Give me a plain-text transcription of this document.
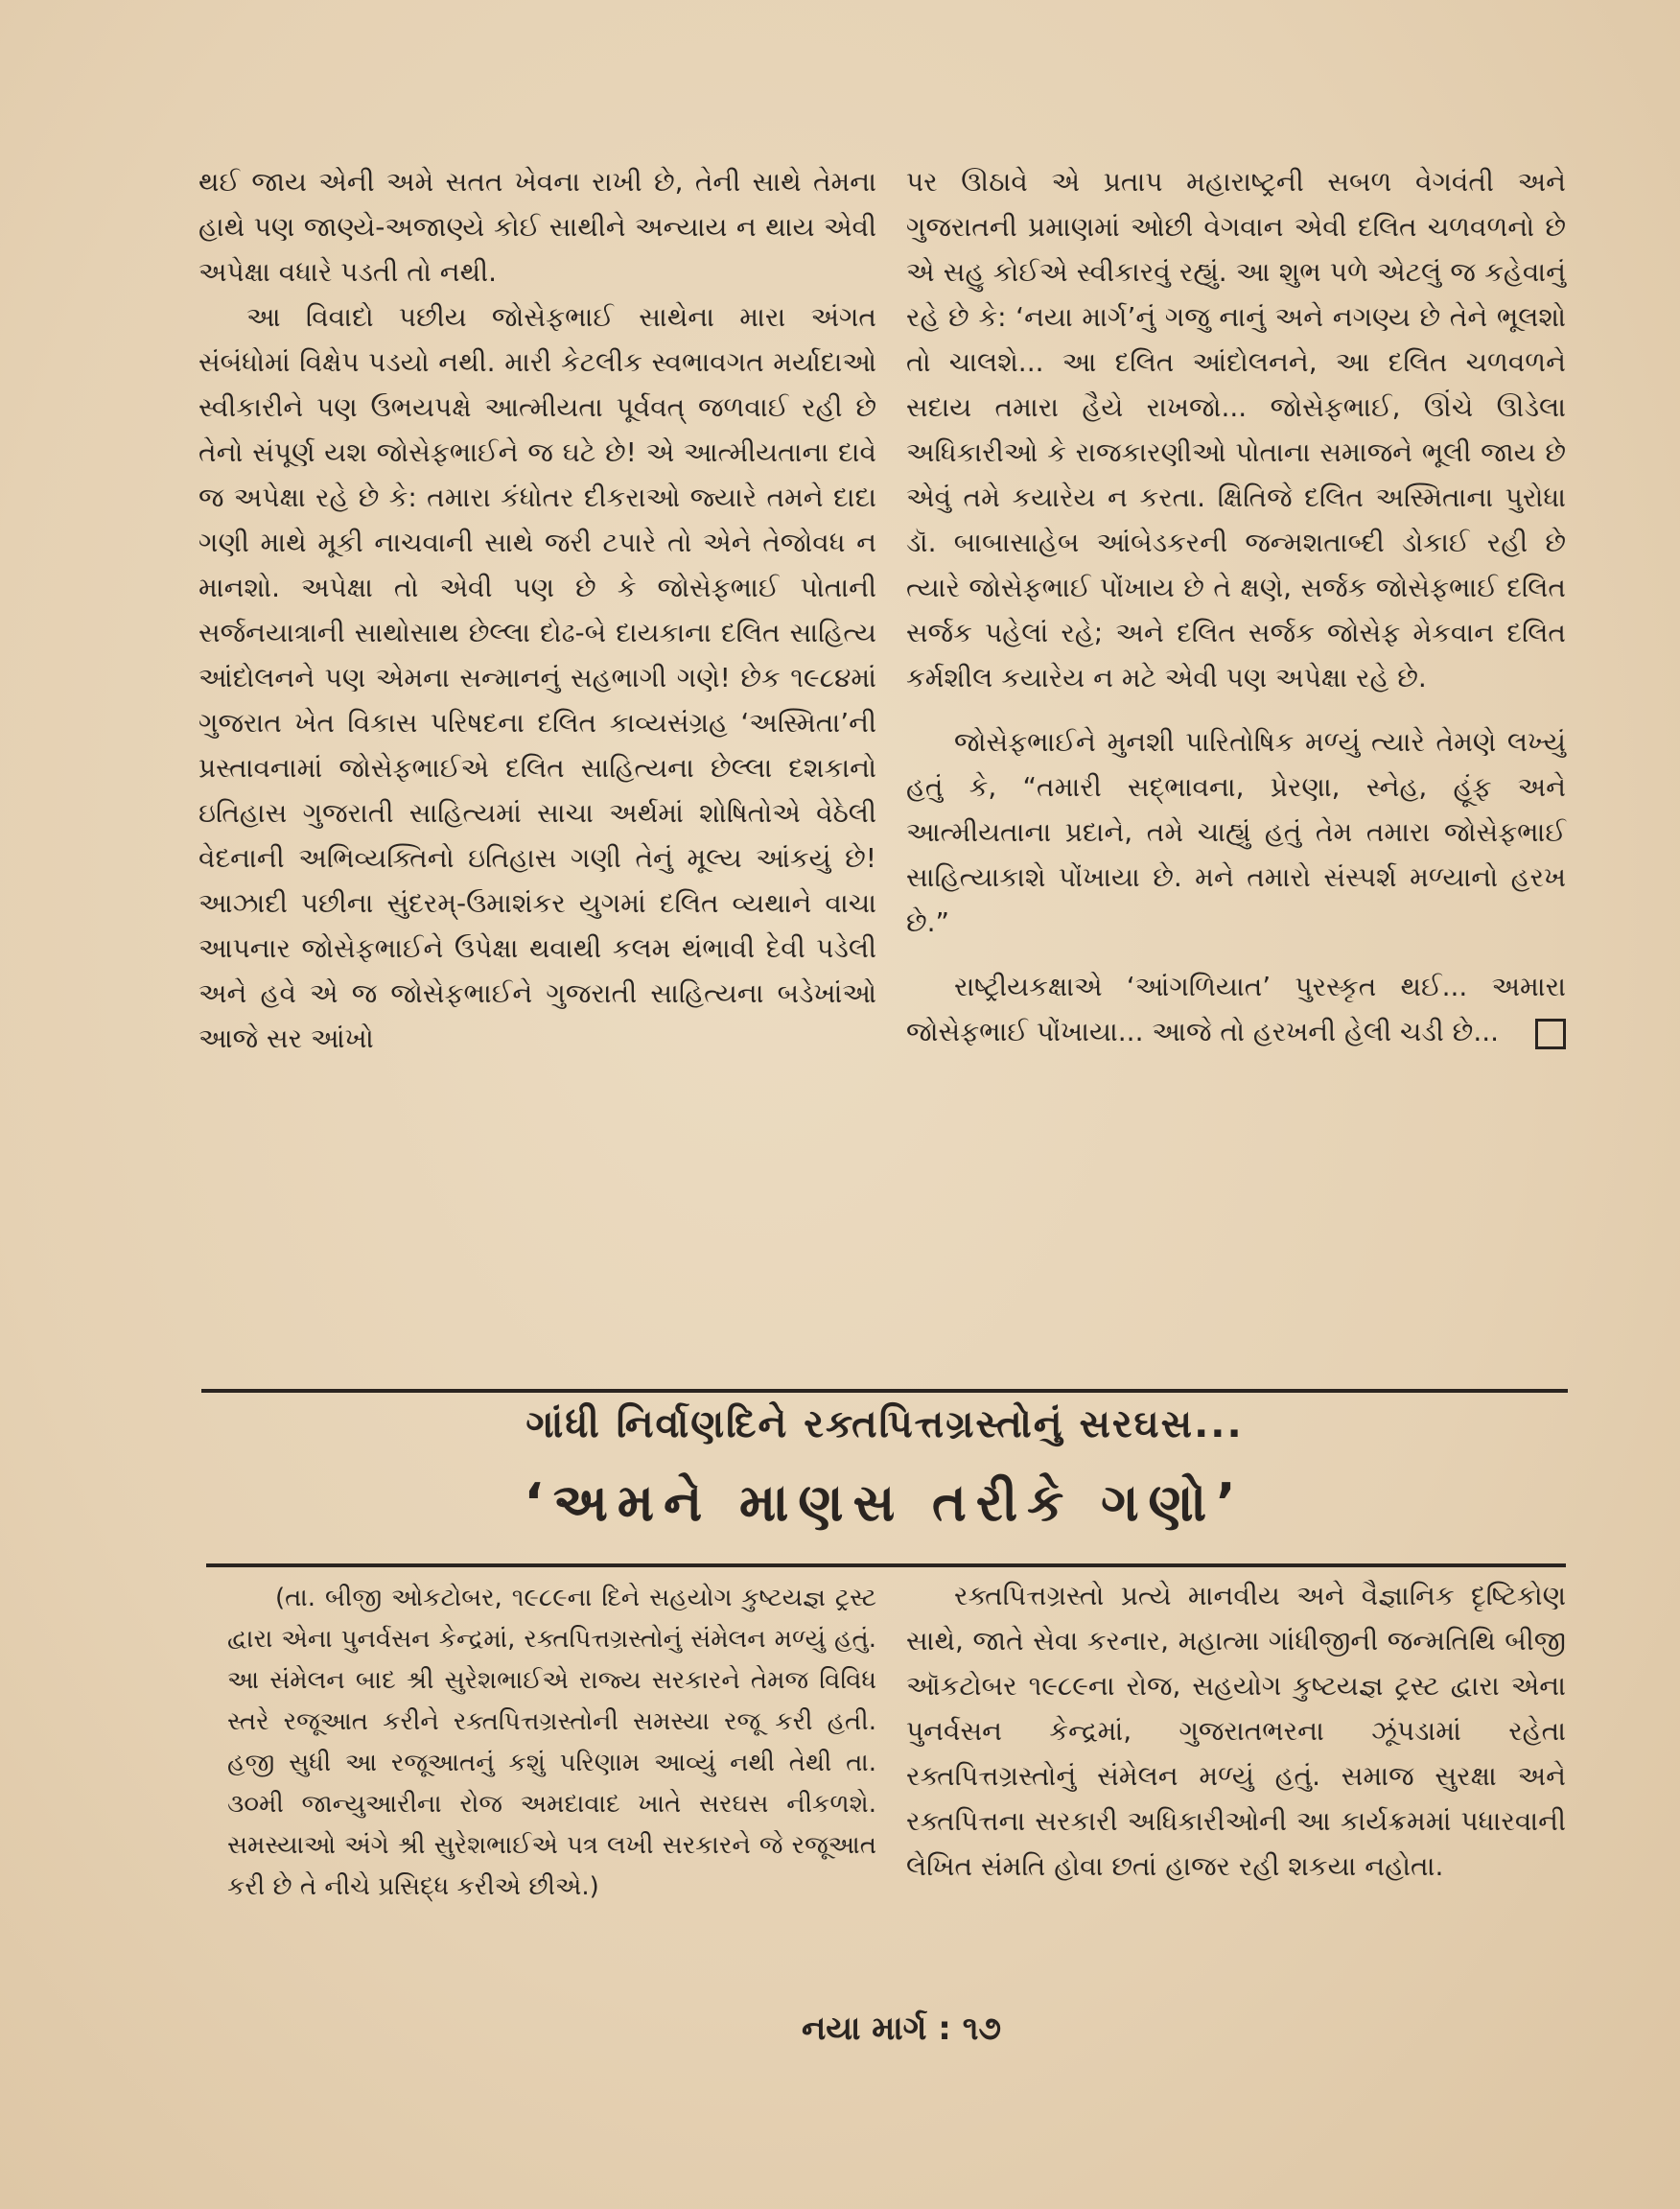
થઈ જાય એની અમે સતત ખેવના રાખી છે, તેની સાથે તેમના હાથે પણ જાણ્યે-અજાણ્યે કોઈ સાથીને અન્યાય ન થાય એવી અપેક્ષા વધારે પડતી તો નથી.

આ વિવાદો પછીય જોસેફભાઈ સાથેના મારા અંગત સંબંધોમાં વિક્ષેપ પડયો નથી. મારી કેટલીક સ્વભાવગત મર્યાદાઓ સ્વીકારીને પણ ઉભયપક્ષે આત્મીયતા પૂર્વવત્ જળવાઈ રહી છે તેનો સંપૂર્ણ યશ જોસેફભાઈને જ ઘટે છે! એ આત્મીયતાના દાવે જ અપેક્ષા રહે છે કે: તમારા કંધોતર દીકરાઓ જ્યારે તમને દાદા ગણી માથે મૂકી નાચવાની સાથે જરી ટપારે તો એને તેજોવધ ન માનશો. અપેક્ષા તો એવી પણ છે કે જોસેફભાઈ પોતાની સર્જનયાત્રાની સાથોસાથ છેલ્લા દોઢ-બે દાયકાના દલિત સાહિત્ય આંદોલનને પણ એમના સન્માનનું સહભાગી ગણે! છેક ૧૯૮૪માં ગુજરાત ખેત વિકાસ પરિષદના દલિત કાવ્યસંગ્રહ ‘અસ્મિતા’ની પ્રસ્તાવનામાં જોસેફભાઈએ દલિત સાહિત્યના છેલ્લા દશકાનો ઇતિહાસ ગુજરાતી સાહિત્યમાં સાચા અર્થમાં શોષિતોએ વેઠેલી વેદનાની અભિવ્યક્તિનો ઇતિહાસ ગણી તેનું મૂલ્ય આંકયું છે! આઝાદી પછીના સુંદરમ્-ઉમાશંકર યુગમાં દલિત વ્યથાને વાચા આપનાર જોસેફભાઈને ઉપેક્ષા થવાથી કલમ થંભાવી દેવી પડેલી અને હવે એ જ જોસેફભાઈને ગુજરાતી સાહિત્યના બડેખાંઓ આજે સર આંખો

પર ઊઠાવે એ પ્રતાપ મહારાષ્ટ્રની સબળ વેગવંતી અને ગુજરાતની પ્રમાણમાં ઓછી વેગવાન એવી દલિત ચળવળનો છે એ સહુ કોઈએ સ્વીકારવું રહ્યું. આ શુભ પળે એટલું જ કહેવાનું રહે છે કે: ‘નયા માર્ગ’નું ગજુ નાનું અને નગણ્ય છે તેને ભૂલશો તો ચાલશે... આ દલિત આંદોલનને, આ દલિત ચળવળને સદાય તમારા હૈયે રાખજો... જોસેફભાઈ, ઊંચે ઊડેલા અધિકારીઓ કે રાજકારણીઓ પોતાના સમાજને ભૂલી જાય છે એવું તમે કયારેય ન કરતા. ક્ષિતિજે દલિત અસ્મિતાના પુરોધા ડૉ. બાબાસાહેબ આંબેડકરની જન્મશતાબ્દી ડોકાઈ રહી છે ત્યારે જોસેફભાઈ પોંખાય છે તે ક્ષણે, સર્જક જોસેફભાઈ દલિત સર્જક પહેલાં રહે; અને દલિત સર્જક જોસેફ મેકવાન દલિત કર્મશીલ કયારેય ન મટે એવી પણ અપેક્ષા રહે છે.

જોસેફભાઈને મુનશી પારિતોષિક મળ્યું ત્યારે તેમણે લખ્યું હતું કે, “તમારી સદ્ભાવના, પ્રેરણા, સ્નેહ, હૂંફ અને આત્મીયતાના પ્રદાને, તમે ચાહ્યું હતું તેમ તમારા જોસેફભાઈ સાહિત્યાકાશે પોંખાયા છે. મને તમારો સંસ્પર્શ મળ્યાનો હરખ છે.”

રાષ્ટ્રીયકક્ષાએ ‘આંગળિયાત’ પુરસ્કૃત થઈ... અમારા જોસેફભાઈ પોંખાયા... આજે તો હરખની હેલી ચડી છે...

ગાંધી નિર્વાણદિને રક્તપિત્તગ્રસ્તોનું સરઘસ...
‘અમને માણસ તરીકે ગણો’

(તા. બીજી ઓકટોબર, ૧૯૮૯ના દિને સહયોગ કુષ્ટયજ્ઞ ટ્રસ્ટ દ્વારા એના પુનર્વસન કેન્દ્રમાં, રક્તપિત્તગ્રસ્તોનું સંમેલન મળ્યું હતું. આ સંમેલન બાદ શ્રી સુરેશભાઈએ રાજ્ય સરકારને તેમજ વિવિધ સ્તરે રજૂઆત કરીને રક્તપિત્તગ્રસ્તોની સમસ્યા રજૂ કરી હતી. હજી સુધી આ રજૂઆતનું કશું પરિણામ આવ્યું નથી તેથી તા. ૩૦મી જાન્યુઆરીના રોજ અમદાવાદ ખાતે સરઘસ નીકળશે. સમસ્યાઓ અંગે શ્રી સુરેશભાઈએ પત્ર લખી સરકારને જે રજૂઆત કરી છે તે નીચે પ્રસિદ્ધ કરીએ છીએ.)

રક્તપિત્તગ્રસ્તો પ્રત્યે માનવીય અને વૈજ્ઞાનિક દૃષ્ટિકોણ સાથે, જાતે સેવા કરનાર, મહાત્મા ગાંધીજીની જન્મતિથિ બીજી ઑકટોબર ૧૯૮૯ના રોજ, સહયોગ કુષ્ટયજ્ઞ ટ્રસ્ટ દ્વારા એના પુનર્વસન કેન્દ્રમાં, ગુજરાતભરના ઝૂંપડામાં રહેતા રક્તપિત્તગ્રસ્તોનું સંમેલન મળ્યું હતું. સમાજ સુરક્ષા અને રક્તપિત્તના સરકારી અધિકારીઓની આ કાર્યક્રમમાં પધારવાની લેખિત સંમતિ હોવા છતાં હાજર રહી શકયા નહોતા.

નયા માર્ગ : ૧૭
